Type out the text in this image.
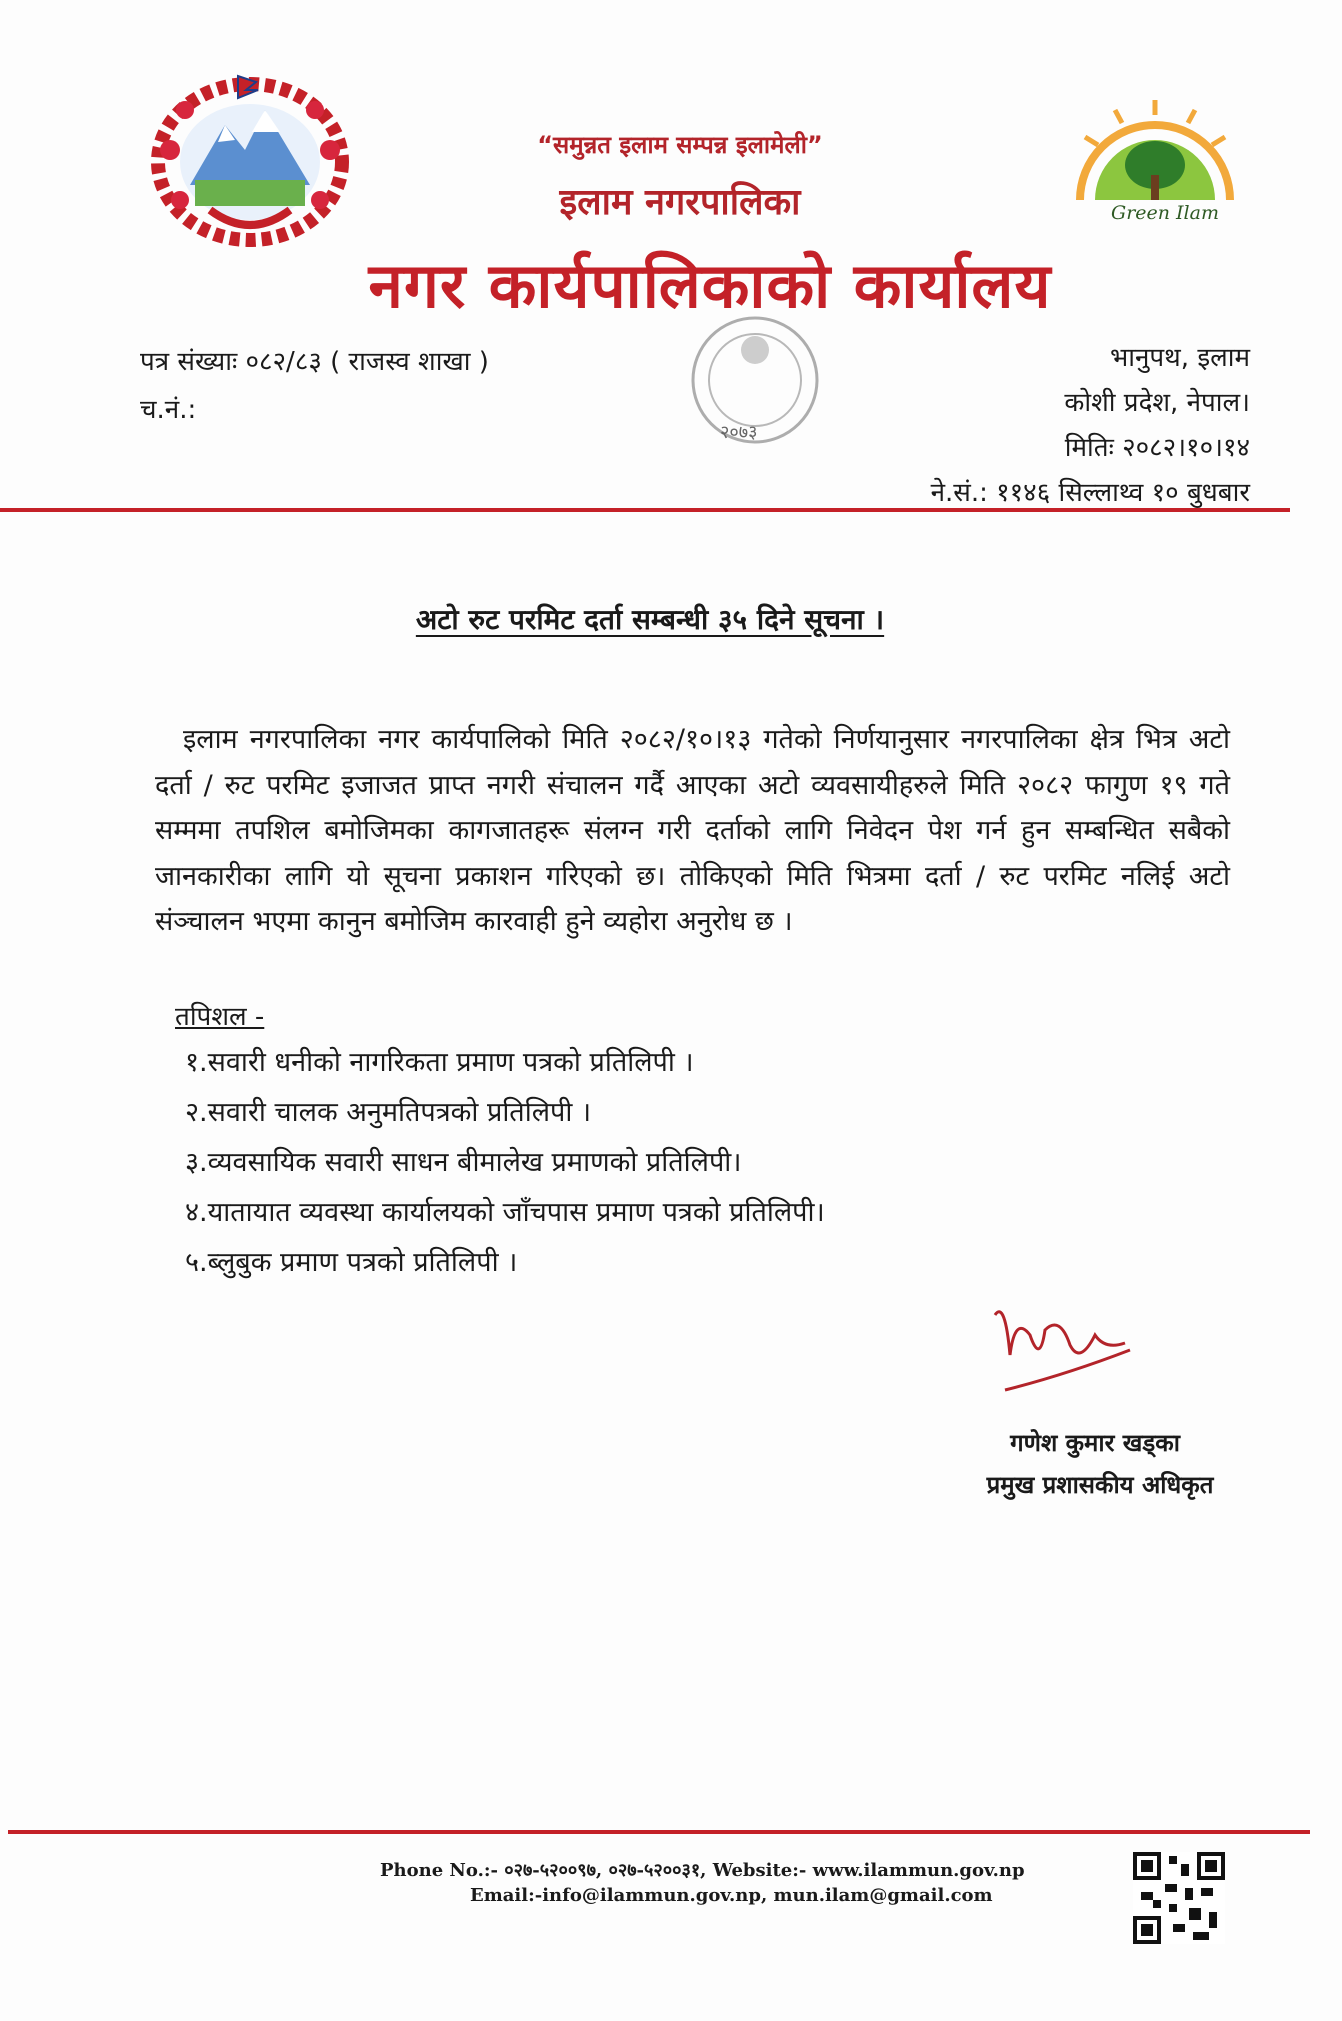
“समुन्नत इलाम सम्पन्न इलामेली”
इलाम नगरपालिका
नगर कार्यपालिकाको कार्यालय
Green Ilam
पत्र संख्याः ०८२/८३ ( राजस्व शाखा )
च.नं.:
२०७३
भानुपथ, इलाम
कोशी प्रदेश, नेपाल।
मितिः २०८२।१०।१४
ने.सं.: ११४६ सिल्लाथ्व १० बुधबार
अटो रुट परमिट दर्ता सम्बन्धी ३५ दिने सूचना ।

इलाम नगरपालिका नगर कार्यपालिको मिति २०८२/१०।१३ गतेको निर्णयानुसार नगरपालिका क्षेत्र भित्र अटो दर्ता / रुट परमिट इजाजत प्राप्त नगरी संचालन गर्दै आएका अटो व्यवसायीहरुले मिति २०८२ फागुण १९ गते सम्ममा तपशिल बमोजिमका कागजातहरू संलग्न गरी दर्ताको लागि निवेदन पेश गर्न हुन सम्बन्धित सबैको जानकारीका लागि यो सूचना प्रकाशन गरिएको छ। तोकिएको मिति भित्रमा दर्ता / रुट परमिट नलिई अटो संञ्चालन भएमा कानुन बमोजिम कारवाही हुने व्यहोरा अनुरोध छ ।

तपिशल -
१.सवारी धनीको नागरिकता प्रमाण पत्रको प्रतिलिपी ।
२.सवारी चालक अनुमतिपत्रको प्रतिलिपी ।
३.व्यवसायिक सवारी साधन बीमालेख प्रमाणको प्रतिलिपी।
४.यातायात व्यवस्था कार्यालयको जाँचपास प्रमाण पत्रको प्रतिलिपी।
५.ब्लुबुक प्रमाण पत्रको प्रतिलिपी ।
गणेश कुमार खड्का
प्रमुख प्रशासकीय अधिकृत
Phone No.:- ०२७-५२००९७, ०२७-५२००३१, Website:- www.ilammun.gov.np
Email:-info@ilammun.gov.np, mun.ilam@gmail.com
